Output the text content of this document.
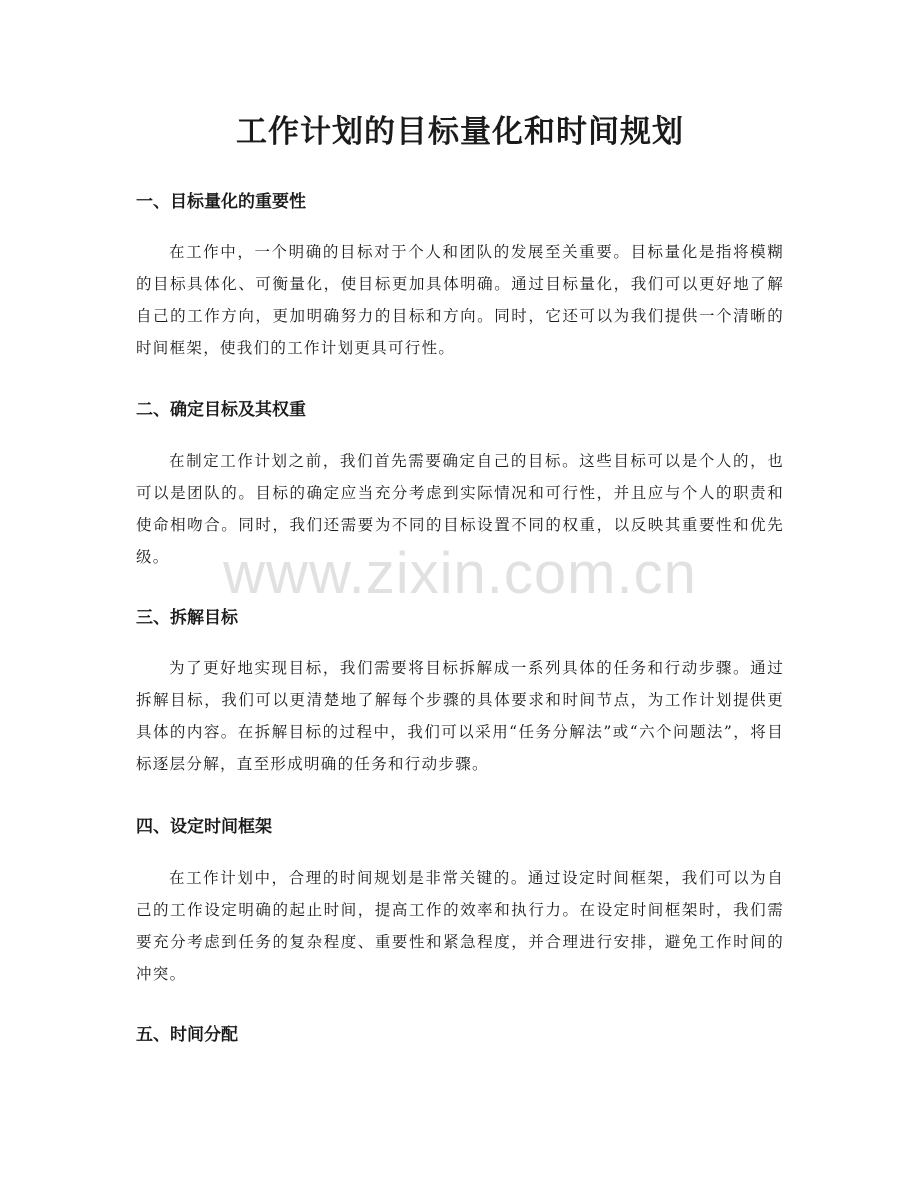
工作计划的目标量化和时间规划
一、目标量化的重要性

在工作中，一个明确的目标对于个人和团队的发展至关重要。目标量化是指将模糊的目标具体化、可衡量化，使目标更加具体明确。通过目标量化，我们可以更好地了解自己的工作方向，更加明确努力的目标和方向。同时，它还可以为我们提供一个清晰的时间框架，使我们的工作计划更具可行性。

二、确定目标及其权重

在制定工作计划之前，我们首先需要确定自己的目标。这些目标可以是个人的，也可以是团队的。目标的确定应当充分考虑到实际情况和可行性，并且应与个人的职责和使命相吻合。同时，我们还需要为不同的目标设置不同的权重，以反映其重要性和优先级。

三、拆解目标

为了更好地实现目标，我们需要将目标拆解成一系列具体的任务和行动步骤。通过拆解目标，我们可以更清楚地了解每个步骤的具体要求和时间节点，为工作计划提供更具体的内容。在拆解目标的过程中，我们可以采用“任务分解法”或“六个问题法”，将目标逐层分解，直至形成明确的任务和行动步骤。

四、设定时间框架

在工作计划中，合理的时间规划是非常关键的。通过设定时间框架，我们可以为自己的工作设定明确的起止时间，提高工作的效率和执行力。在设定时间框架时，我们需要充分考虑到任务的复杂程度、重要性和紧急程度，并合理进行安排，避免工作时间的冲突。

五、时间分配
www.zixin.com.cn
